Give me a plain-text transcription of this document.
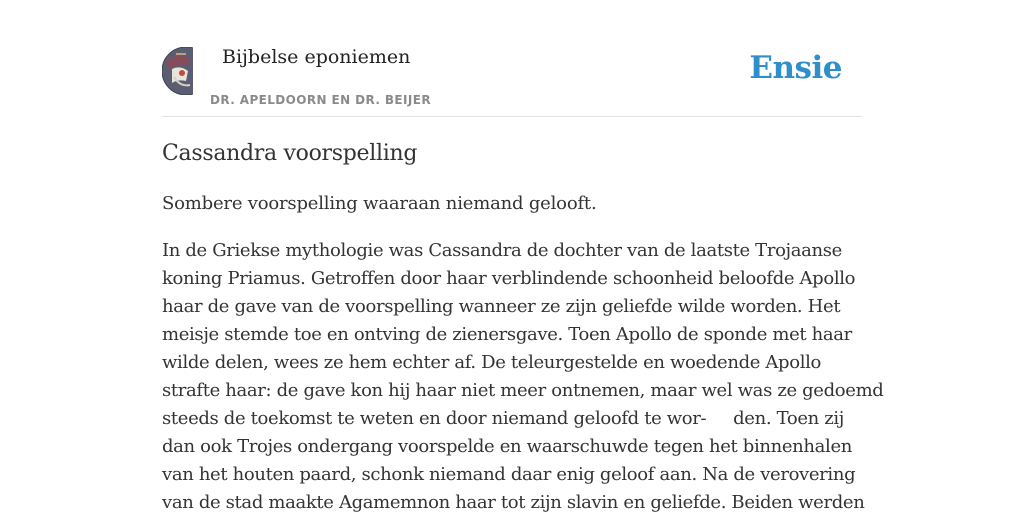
Bijbelse eponiemen
DR. APELDOORN EN DR. BEIJER
Ensie
Cassandra voorspelling

Sombere voorspelling waaraan niemand gelooft.

In de Griekse mythologie was Cassandra de dochter van de laatste Trojaanse
koning Priamus. Getroffen door haar verblindende schoonheid beloofde Apollo
haar de gave van de voorspelling wanneer ze zijn geliefde wilde worden. Het
meisje stemde toe en ontving de zienersgave. Toen Apollo de sponde met haar
wilde delen, wees ze hem echter af. De teleurgestelde en woedende Apollo
strafte haar: de gave kon hij haar niet meer ontnemen, maar wel was ze gedoemd
steeds de toekomst te weten en door niemand geloofd te wor-     den. Toen zij
dan ook Trojes ondergang voorspelde en waarschuwde tegen het binnenhalen
van het houten paard, schonk niemand daar enig geloof aan. Na de verovering
van de stad maakte Agamemnon haar tot zijn slavin en geliefde. Beiden werden
